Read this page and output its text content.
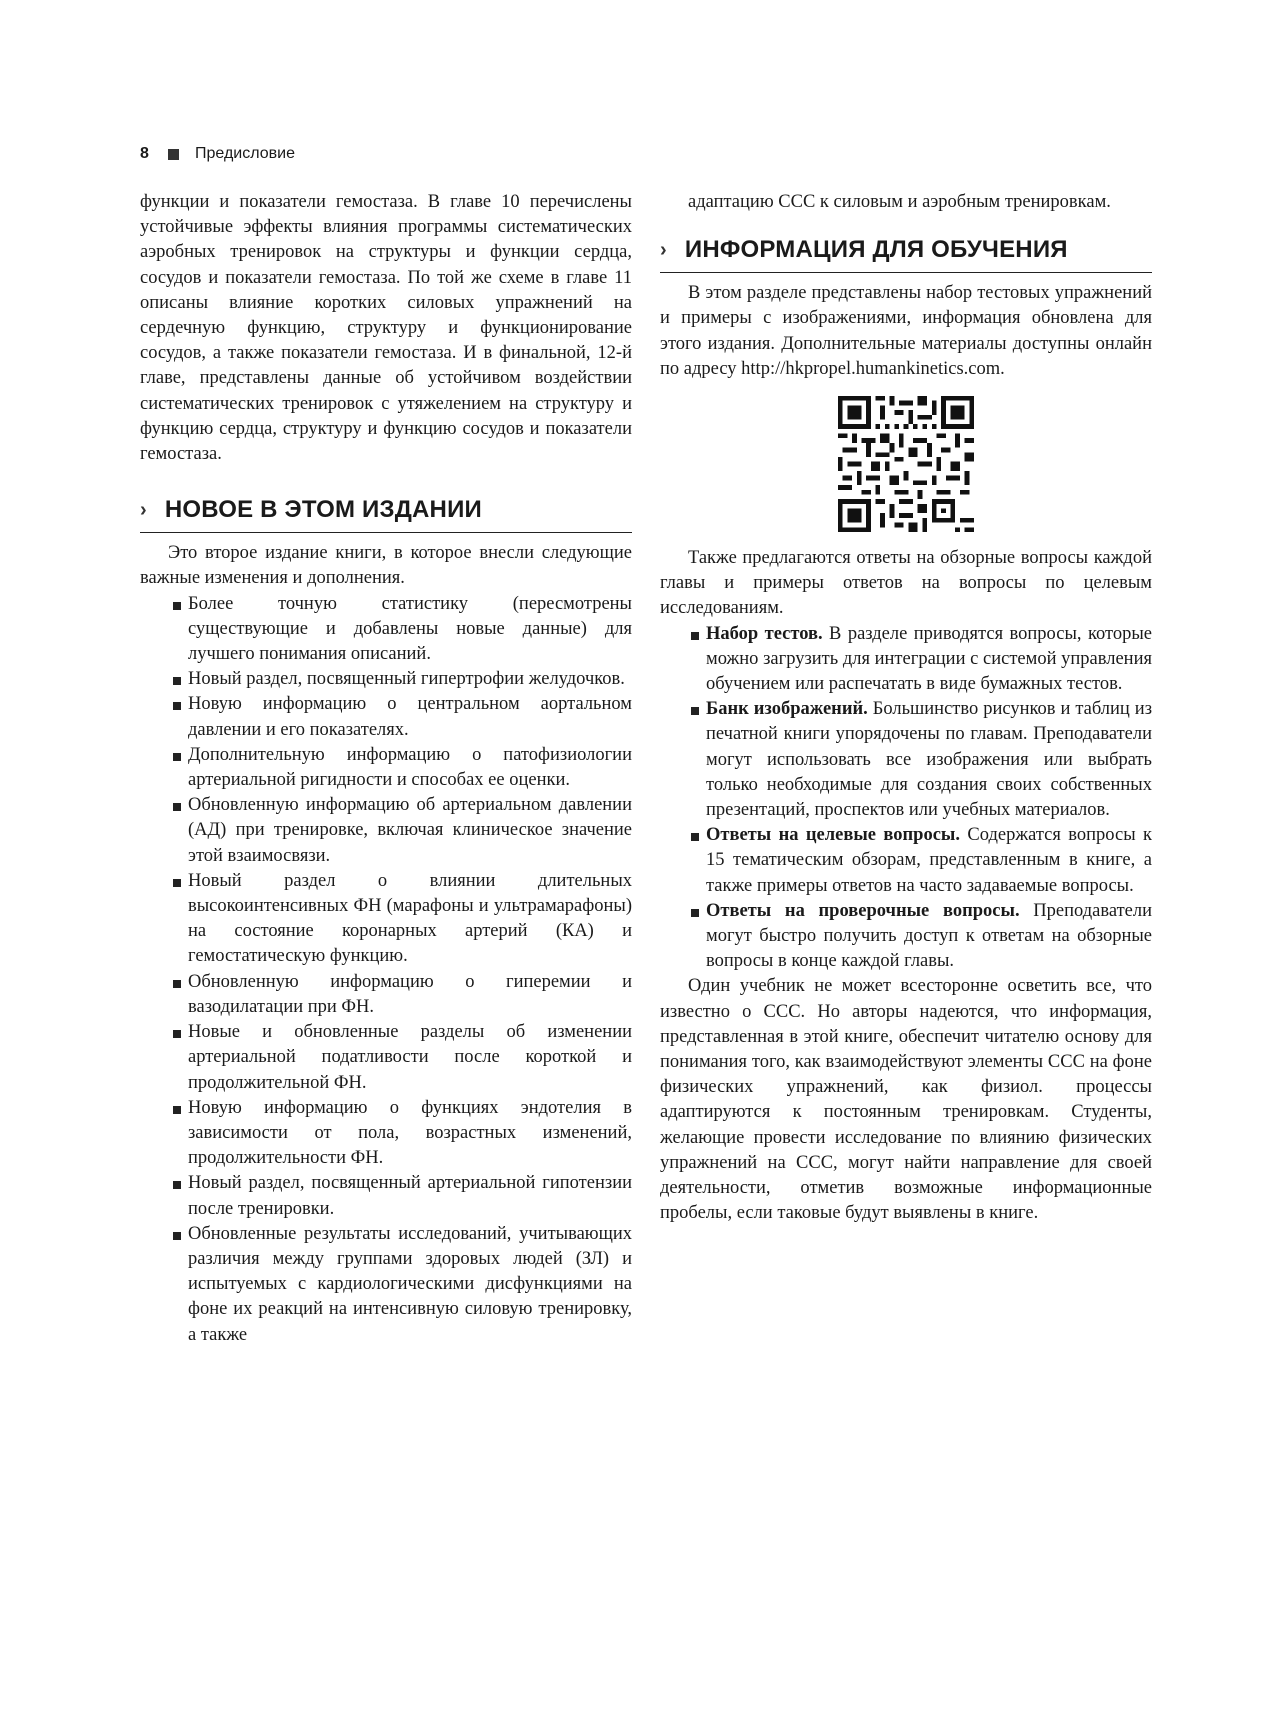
8	Предисловие

функции и показатели гемостаза. В главе 10 перечислены устойчивые эффекты влияния программы систематических аэробных тренировок на структуры и функции сердца, сосудов и показатели гемостаза. По той же схеме в главе 11 описаны влияние коротких силовых упражнений на сердечную функцию, структуру и функционирование сосудов, а также показатели гемостаза. И в финальной, 12-й главе, представлены данные об устойчивом воздействии систематических тренировок с утяжелением на структуру и функцию сердца, структуру и функцию сосудов и показатели гемостаза.

› НОВОЕ В ЭТОМ ИЗДАНИИ

Это второе издание книги, в которое внесли следующие важные изменения и дополнения.

Более точную статистику (пересмотрены существующие и добавлены новые данные) для лучшего понимания описаний.
Новый раздел, посвященный гипертрофии желудочков.
Новую информацию о центральном аортальном давлении и его показателях.
Дополнительную информацию о патофизиологии артериальной ригидности и способах ее оценки.
Обновленную информацию об артериальном давлении (АД) при тренировке, включая клиническое значение этой взаимосвязи.
Новый раздел о влиянии длительных высокоинтенсивных ФН (марафоны и ультрамарафоны) на состояние коронарных артерий (КА) и гемостатическую функцию.
Обновленную информацию о гиперемии и вазодилатации при ФН.
Новые и обновленные разделы об изменении артериальной податливости после короткой и продолжительной ФН.
Новую информацию о функциях эндотелия в зависимости от пола, возрастных изменений, продолжительности ФН.
Новый раздел, посвященный артериальной гипотензии после тренировки.
Обновленные результаты исследований, учитывающих различия между группами здоровых людей (ЗЛ) и испытуемых с кардиологическими дисфункциями на фоне их реакций на интенсивную силовую тренировку, а также

адаптацию ССС к силовым и аэробным тренировкам.

› ИНФОРМАЦИЯ ДЛЯ ОБУЧЕНИЯ

В этом разделе представлены набор тестовых упражнений и примеры с изображениями, информация обновлена для этого издания. Дополнительные материалы доступны онлайн по адресу http://hkpropel.humankinetics.com.

Также предлагаются ответы на обзорные вопросы каждой главы и примеры ответов на вопросы по целевым исследованиям.

Набор тестов. В разделе приводятся вопросы, которые можно загрузить для интеграции с системой управления обучением или распечатать в виде бумажных тестов.
Банк изображений. Большинство рисунков и таблиц из печатной книги упорядочены по главам. Преподаватели могут использовать все изображения или выбрать только необходимые для создания своих собственных презентаций, проспектов или учебных материалов.
Ответы на целевые вопросы. Содержатся вопросы к 15 тематическим обзорам, представленным в книге, а также примеры ответов на часто задаваемые вопросы.
Ответы на проверочные вопросы. Преподаватели могут быстро получить доступ к ответам на обзорные вопросы в конце каждой главы.

Один учебник не может всесторонне осветить все, что известно о ССС. Но авторы надеются, что информация, представленная в этой книге, обеспечит читателю основу для понимания того, как взаимодействуют элементы ССС на фоне физических упражнений, как физиол. процессы адаптируются к постоянным тренировкам. Студенты, желающие провести исследование по влиянию физических упражнений на ССС, могут найти направление для своей деятельности, отметив возможные информационные пробелы, если таковые будут выявлены в книге.
